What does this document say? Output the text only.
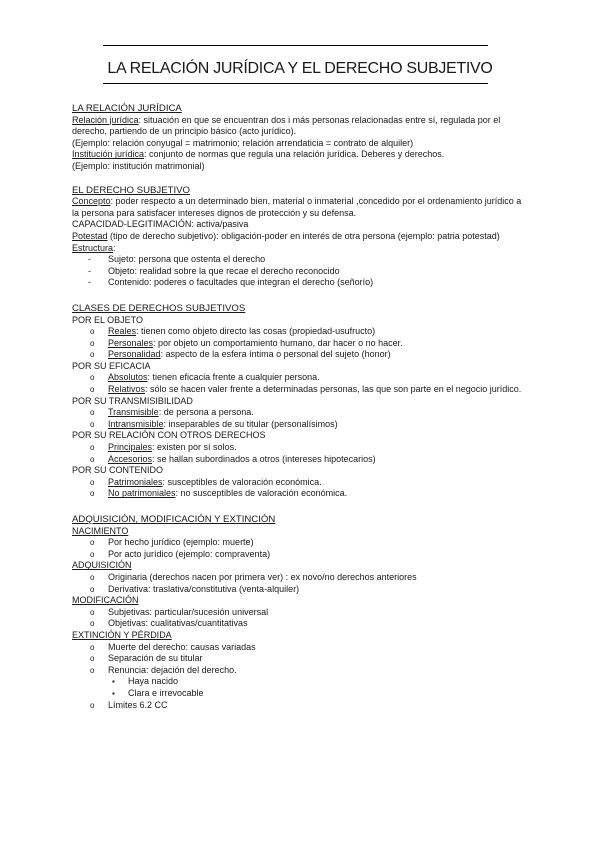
LA RELACIÓN JURÍDICA Y EL DERECHO SUBJETIVO
LA RELACIÓN JURÍDICA
Relación jurídica: situación en que se encuentran dos i más personas relacionadas entre sí, regulada por el
derecho, partiendo de un principio básico (acto jurídico).
(Ejemplo: relación conyugal = matrimonio; relación arrendaticia = contrato de alquiler)
Institución jurídica: conjunto de normas que regula una relación jurídica. Deberes y derechos.
(Ejemplo: institución matrimonial)
EL DERECHO SUBJETIVO
Concepto: poder respecto a un determinado bien, material o inmaterial ,concedido por el ordenamiento jurídico a
la persona para satisfacer intereses dignos de protección y su defensa.
CAPACIDAD-LEGITIMACIÓN: activa/pasiva
Potestad (tipo de derecho subjetivo): obligación-poder en interés de otra persona (ejemplo: patria potestad)
Estructura:
- Sujeto: persona que ostenta el derecho
- Objeto: realidad sobre la que recae el derecho reconocido
- Contenido: poderes o facultades que integran el derecho (señorío)
CLASES DE DERECHOS SUBJETIVOS
POR EL OBJETO
o Reales: tienen como objeto directo las cosas (propiedad-usufructo)
o Personales: por objeto un comportamiento humano, dar hacer o no hacer.
o Personalidad: aspecto de la esfera íntima o personal del sujeto (honor)
POR SU EFICACIA
o Absolutos: tienen eficacia frente a cualquier persona.
o Relativos: sólo se hacen valer frente a determinadas personas, las que son parte en el negocio jurídico.
POR SU TRANSMISIBILIDAD
o Transmisible: de persona a persona.
o Intransmisible: inseparables de su titular (personalísimos)
POR SU RELACIÓN CON OTROS DERECHOS
o Principales: existen por sí solos.
o Accesorios: se hallan subordinados a otros (intereses hipotecarios)
POR SU CONTENIDO
o Patrimoniales: susceptibles de valoración económica.
o No patrimoniales: no susceptibles de valoración económica.
ADQUISICIÓN, MODIFICACIÓN Y EXTINCIÓN
NACIMIENTO
o Por hecho jurídico (ejemplo: muerte)
o Por acto jurídico (ejemplo: compraventa)
ADQUISICIÓN
o Originaria (derechos nacen por primera ver) : ex novo/no derechos anteriores
o Derivativa: traslativa/constitutiva (venta-alquiler)
MODIFICACIÓN
o Subjetivas: particular/sucesión universal
o Objetivas: cualitativas/cuantitativas
EXTINCIÓN Y PÉRDIDA
o Muerte del derecho: causas variadas
o Separación de su titular
o Renuncia: dejación del derecho.
▪ Haya nacido
▪ Clara e irrevocable
o Límites 6.2 CC
